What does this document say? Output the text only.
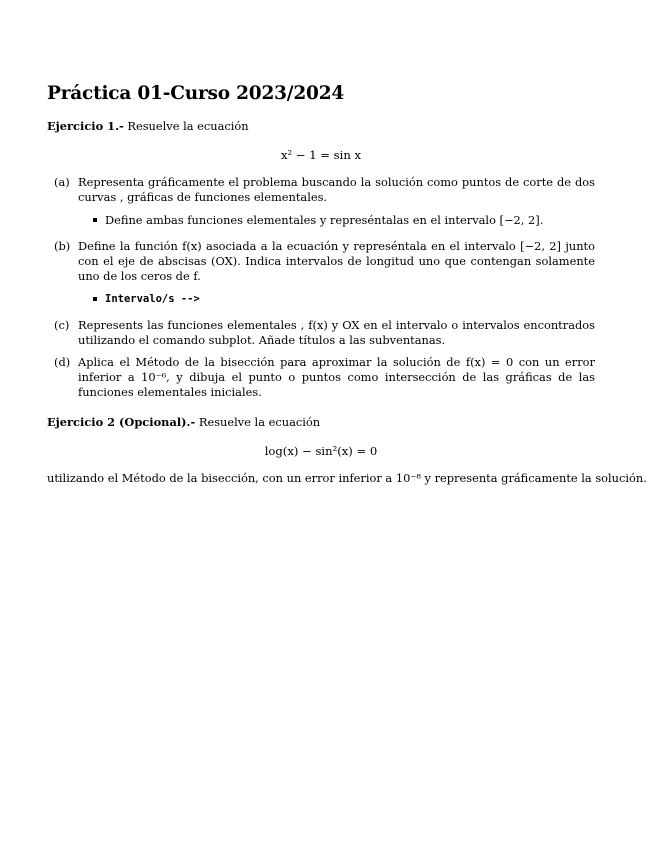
Práctica 01-Curso 2023/2024

Ejercicio 1.- Resuelve la ecuación

x² − 1 = sin x
(a) Representa gráficamente el problema buscando la solución como puntos de corte de dos curvas , gráficas de funciones elementales.
Define ambas funciones elementales y represéntalas en el intervalo [−2, 2].
(b) Define la función f(x) asociada a la ecuación y represéntala en el intervalo [−2, 2] junto con el eje de abscisas (OX). Indica intervalos de longitud uno que contengan solamente uno de los ceros de f.
Intervalo/s -->
(c) Represents las funciones elementales , f(x) y OX en el intervalo o intervalos encontrados utilizando el comando subplot. Añade títulos a las subventanas.
(d) Aplica el Método de la bisección para aproximar la solución de f(x) = 0 con un error inferior a 10⁻⁶, y dibuja el punto o puntos como intersección de las gráficas de las funciones elementales iniciales.

Ejercicio 2 (Opcional).- Resuelve la ecuación

log(x) − sin²(x) = 0

utilizando el Método de la bisección, con un error inferior a 10⁻⁸ y representa gráficamente la solución.
